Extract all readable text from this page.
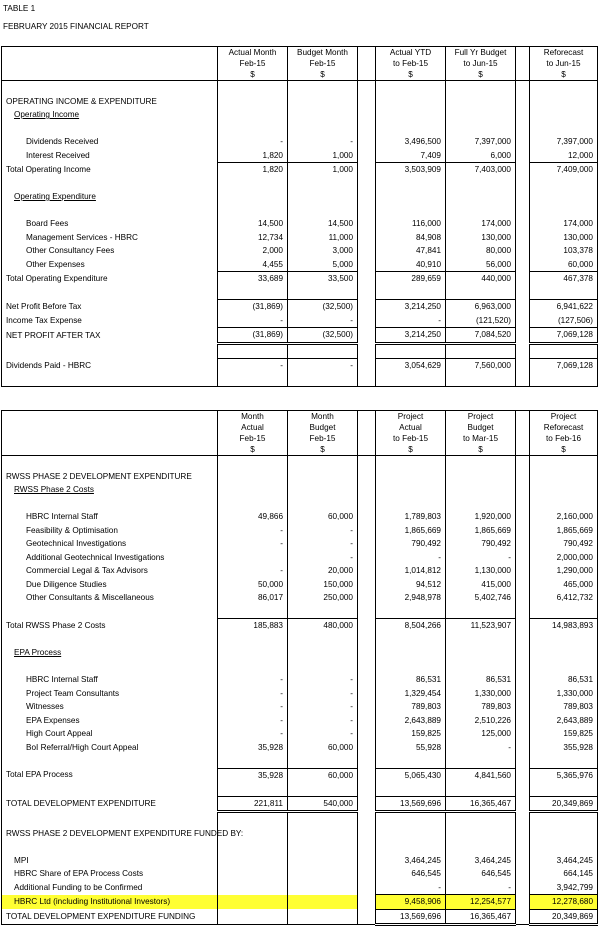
TABLE 1
FEBRUARY 2015 FINANCIAL REPORT
	Actual Month	Budget Month		Actual YTD	Full Yr Budget		Reforecast
	Feb-15	Feb-15		to Feb-15	to Jun-15		to Jun-15
	$	$		$	$		$

OPERATING INCOME & EXPENDITURE							
Operating Income							

Dividends Received	-	-		3,496,500	7,397,000		7,397,000
Interest Received	1,820	1,000		7,409	6,000		12,000
Total Operating Income	1,820	1,000		3,503,909	7,403,000		7,409,000

Operating Expenditure							

Board Fees	14,500	14,500		116,000	174,000		174,000
Management Services - HBRC	12,734	11,000		84,908	130,000		130,000
Other Consultancy Fees	2,000	3,000		47,841	80,000		103,378
Other Expenses	4,455	5,000		40,910	56,000		60,000
Total Operating Expenditure	33,689	33,500		289,659	440,000		467,378

Net Profit Before Tax	(31,869)	(32,500)		3,214,250	6,963,000		6,941,622
Income Tax Expense	-	-		-	(121,520)		(127,506)
NET PROFIT AFTER TAX	(31,869)	(32,500)		3,214,250	7,084,520		7,069,128

Dividends Paid - HBRC	-	-		3,054,629	7,560,000		7,069,128

	Month	Month		Project	Project		Project
	Actual	Budget		Actual	Budget		Reforecast
	Feb-15	Feb-15		to Feb-15	to Mar-15		to Feb-16
	$	$		$	$		$

RWSS PHASE 2 DEVELOPMENT EXPENDITURE							
RWSS Phase 2 Costs							

HBRC Internal Staff	49,866	60,000		1,789,803	1,920,000		2,160,000
Feasibility & Optimisation	-	-		1,865,669	1,865,669		1,865,669
Geotechnical Investigations	-	-		790,492	790,492		790,492
Additional Geotechnical Investigations		-		-	-		2,000,000
Commercial Legal & Tax Advisors	-	20,000		1,014,812	1,130,000		1,290,000
Due Diligence Studies	50,000	150,000		94,512	415,000		465,000
Other Consultants & Miscellaneous	86,017	250,000		2,948,978	5,402,746		6,412,732

Total RWSS Phase 2 Costs	185,883	480,000		8,504,266	11,523,907		14,983,893

EPA Process							

HBRC Internal Staff	-	-		86,531	86,531		86,531
Project Team Consultants	-	-		1,329,454	1,330,000		1,330,000
Witnesses	-	-		789,803	789,803		789,803
EPA Expenses	-	-		2,643,889	2,510,226		2,643,889
High Court Appeal	-	-		159,825	125,000		159,825
BoI Referral/High Court Appeal	35,928	60,000		55,928	-		355,928

Total EPA Process	35,928	60,000		5,065,430	4,841,560		5,365,976

TOTAL DEVELOPMENT EXPENDITURE	221,811	540,000		13,569,696	16,365,467		20,349,869

RWSS PHASE 2 DEVELOPMENT EXPENDITURE FUNDED BY:							

MPI				3,464,245	3,464,245		3,464,245
HBRC Share of EPA Process Costs				646,545	646,545		664,145
Additional Funding to be Confirmed				-	-		3,942,799
HBRC Ltd (including Institutional Investors)				9,458,906	12,254,577		12,278,680
TOTAL DEVELOPMENT EXPENDITURE FUNDING				13,569,696	16,365,467		20,349,869
